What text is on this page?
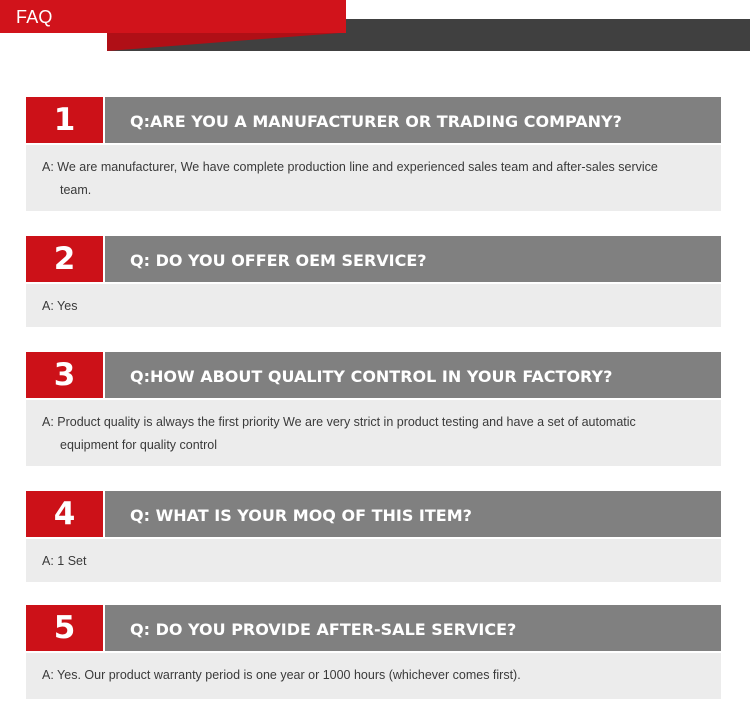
FAQ
1	Q:ARE YOU A MANUFACTURER OR TRADING COMPANY?
A: We are manufacturer, We have complete production line and experienced sales team and after-sales service team.
2	Q: DO YOU OFFER OEM SERVICE?
A: Yes
3	Q:HOW ABOUT QUALITY CONTROL IN YOUR FACTORY?
A: Product quality is always the first priority We are very strict in product testing and have a set of automatic equipment for quality control
4	Q: WHAT IS YOUR MOQ OF THIS ITEM?
A: 1 Set
5	Q: DO YOU PROVIDE AFTER-SALE SERVICE?
A: Yes. Our product warranty period is one year or 1000 hours (whichever comes first).
